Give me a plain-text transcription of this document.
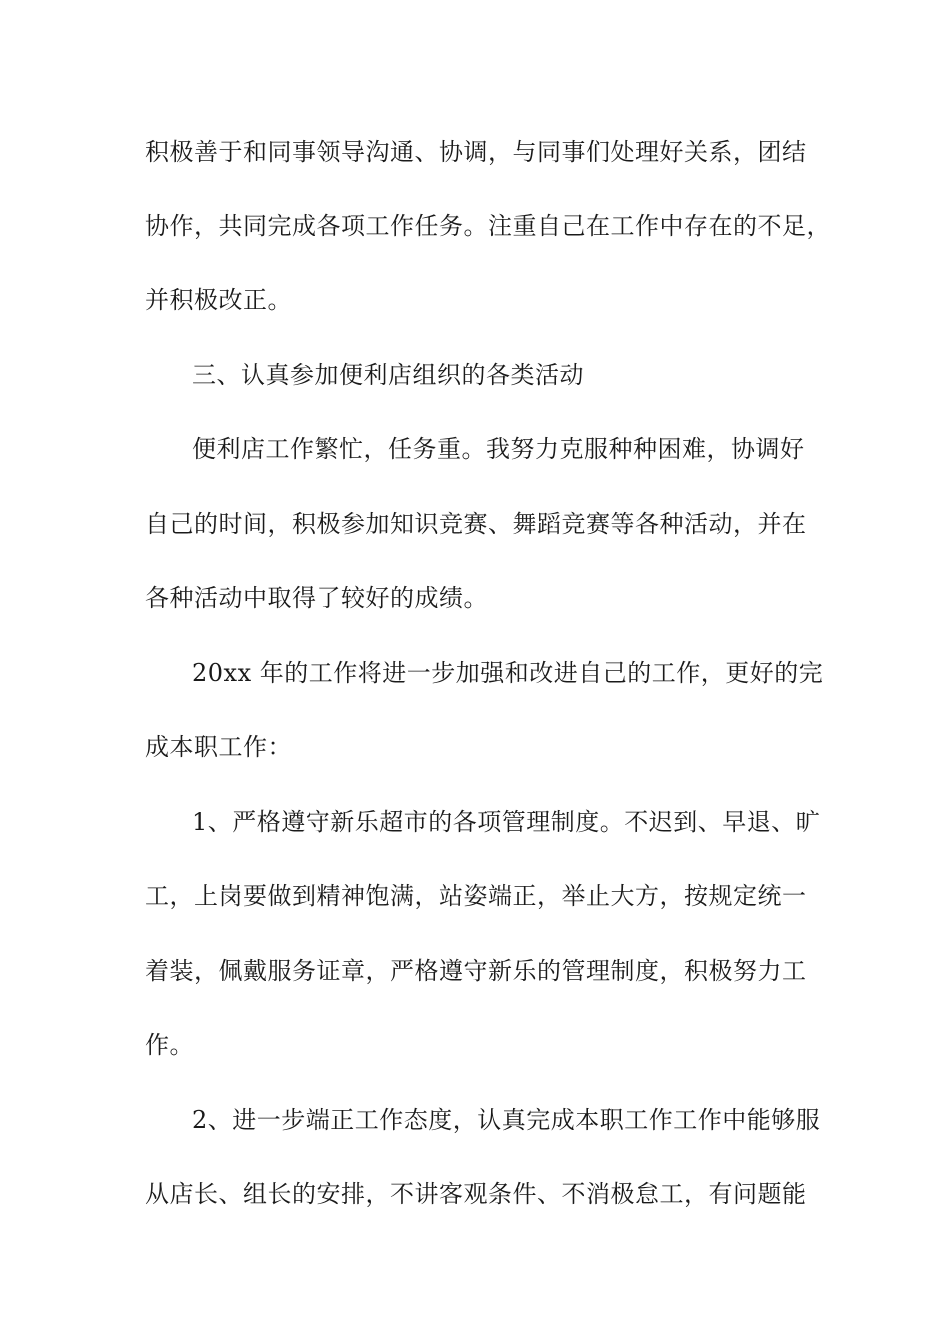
积极善于和同事领导沟通、协调，与同事们处理好关系，团结
协作，共同完成各项工作任务。注重自己在工作中存在的不足，
并积极改正。
三、认真参加便利店组织的各类活动
便利店工作繁忙，任务重。我努力克服种种困难，协调好
自己的时间，积极参加知识竞赛、舞蹈竞赛等各种活动，并在
各种活动中取得了较好的成绩。
20xx 年的工作将进一步加强和改进自己的工作，更好的完
成本职工作：
1、严格遵守新乐超市的各项管理制度。不迟到、早退、旷
工，上岗要做到精神饱满，站姿端正，举止大方，按规定统一
着装，佩戴服务证章，严格遵守新乐的管理制度，积极努力工
作。
2、进一步端正工作态度，认真完成本职工作工作中能够服
从店长、组长的安排，不讲客观条件、不消极怠工，有问题能
